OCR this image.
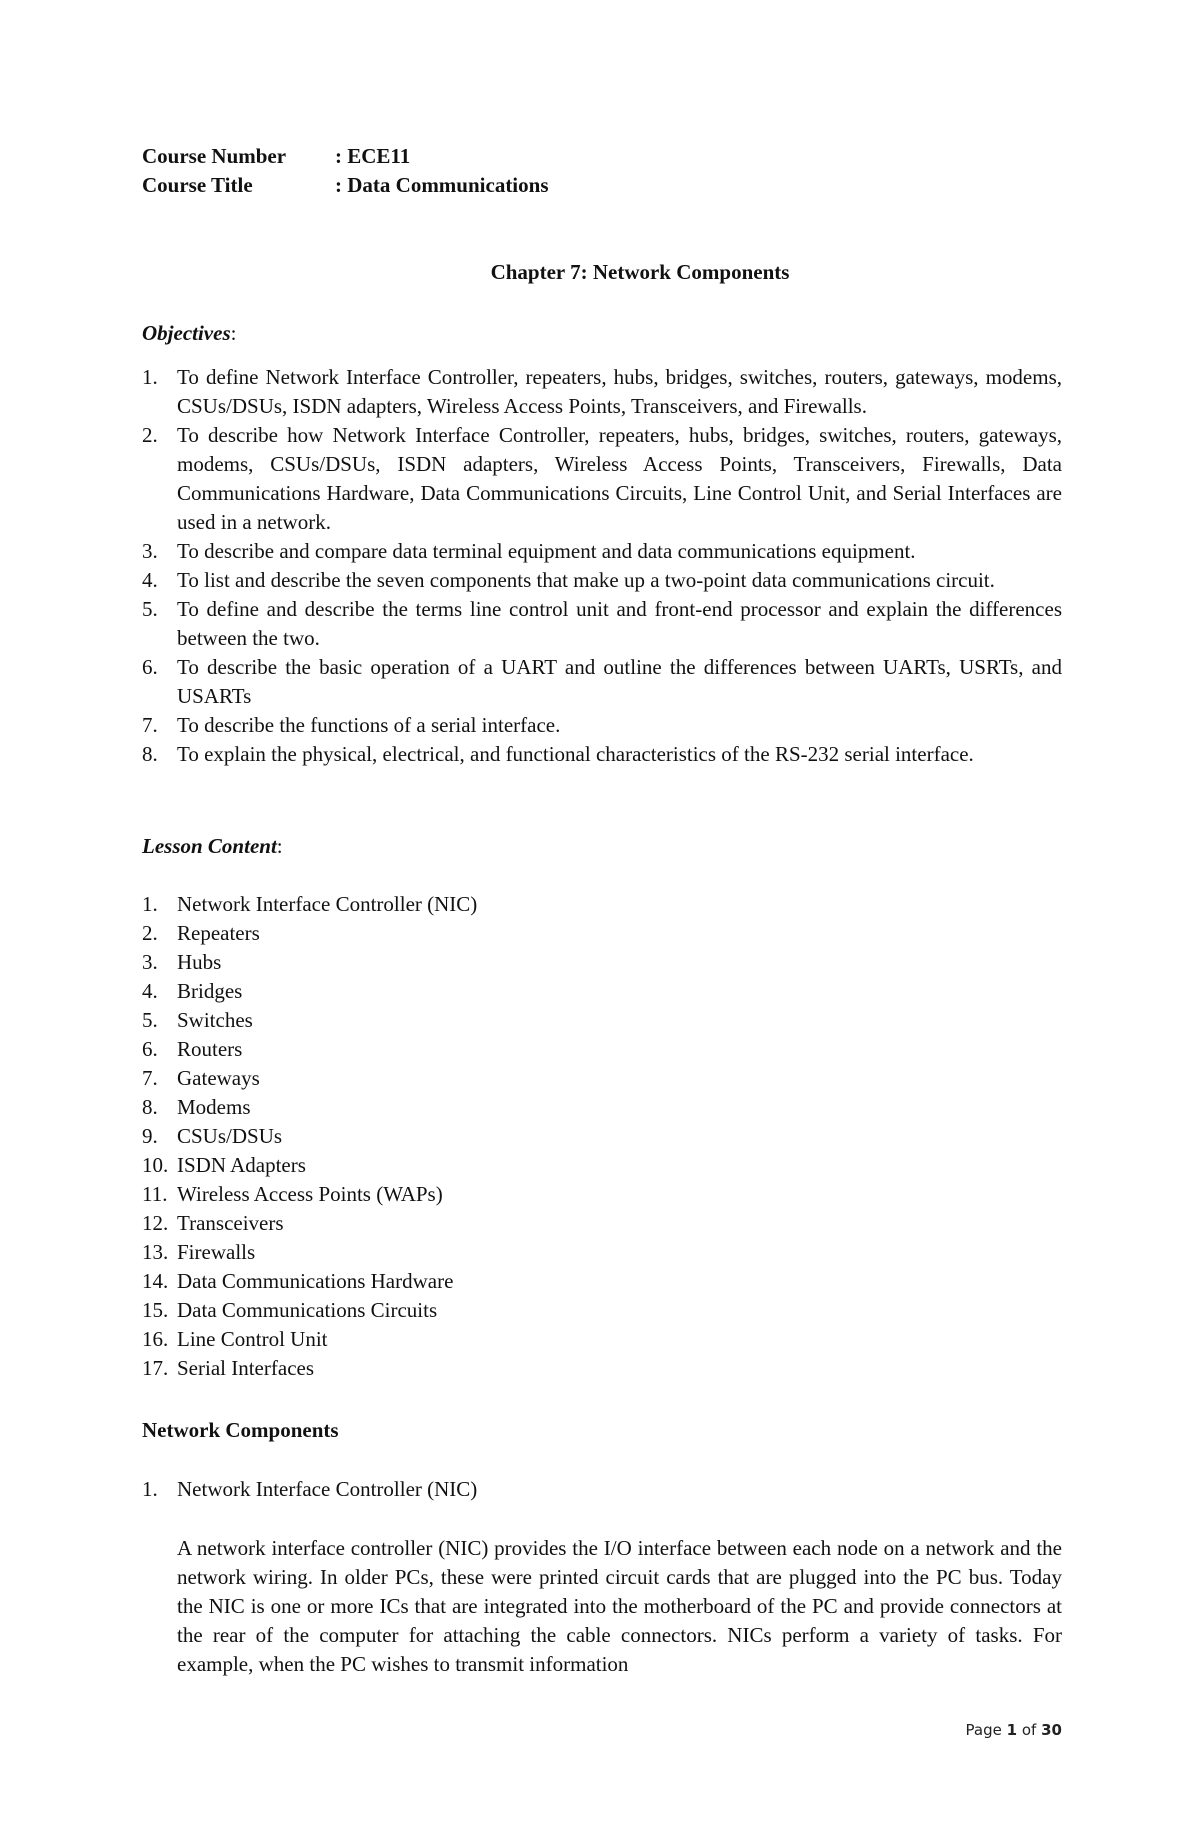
Course Number : ECE11
Course Title	: Data Communications
Chapter 7: Network Components
Objectives:
1. To define Network Interface Controller, repeaters, hubs, bridges, switches, routers, gateways, modems, CSUs/DSUs, ISDN adapters, Wireless Access Points, Transceivers, and Firewalls.
2. To describe how Network Interface Controller, repeaters, hubs, bridges, switches, routers, gateways, modems, CSUs/DSUs, ISDN adapters, Wireless Access Points, Transceivers, Firewalls, Data Communications Hardware, Data Communications Circuits, Line Control Unit, and Serial Interfaces are used in a network.
3. To describe and compare data terminal equipment and data communications equipment.
4. To list and describe the seven components that make up a two-point data communications circuit.
5. To define and describe the terms line control unit and front-end processor and explain the differences between the two.
6. To describe the basic operation of a UART and outline the differences between UARTs, USRTs, and USARTs
7. To describe the functions of a serial interface.
8. To explain the physical, electrical, and functional characteristics of the RS-232 serial interface.
Lesson Content:
1. Network Interface Controller (NIC)
2. Repeaters
3. Hubs
4. Bridges
5. Switches
6. Routers
7. Gateways
8. Modems
9. CSUs/DSUs
10. ISDN Adapters
11. Wireless Access Points (WAPs)
12. Transceivers
13. Firewalls
14. Data Communications Hardware
15. Data Communications Circuits
16. Line Control Unit
17. Serial Interfaces
Network Components
1. Network Interface Controller (NIC)

A network interface controller (NIC) provides the I/O interface between each node on a network and the network wiring. In older PCs, these were printed circuit cards that are plugged into the PC bus. Today the NIC is one or more ICs that are integrated into the motherboard of the PC and provide connectors at the rear of the computer for attaching the cable connectors. NICs perform a variety of tasks. For example, when the PC wishes to transmit information

Page 1 of 30
